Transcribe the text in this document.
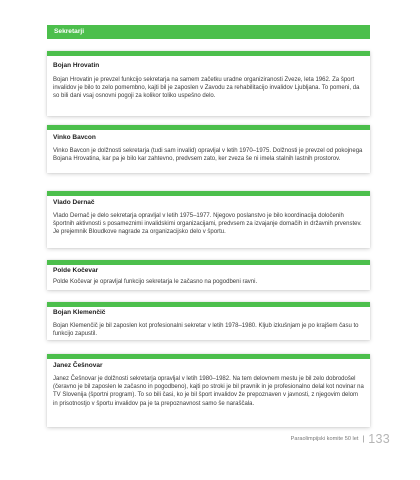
Sekretarji
Bojan Hrovatin
Bojan Hrovatin je prevzel funkcijo sekretarja na samem začetku uradne organiziranosti Zveze, leta 1962. Za šport invalidov je bilo to zelo pomembno, kajti bil je zaposlen v Zavodu za rehabilitacijo invalidov Ljubljana. To pomeni, da so bili dani vsaj osnovni pogoji za kolikor toliko uspešno delo.
Vinko Bavcon
Vinko Bavcon je dolžnosti sekretarja (tudi sam invalid) opravljal v letih 1970–1975. Dolžnosti je prevzel od pokojnega Bojana Hrovatina, kar pa je bilo kar zahtevno, predvsem zato, ker zveza še ni imela stalnih lastnih prostorov.
Vlado Dernač
Vlado Dernač je delo sekretarja opravljal v letih 1975–1977. Njegovo poslanstvo je bilo koordinacija določenih športnih aktivnosti s posameznimi invalidskimi organizacijami, predvsem za izvajanje domačih in državnih prvenstev. Je prejemnik Bloudkove nagrade za organizacijsko delo v športu.
Polde Kočevar
Polde Kočevar je opravljal funkcijo sekretarja le začasno na pogodbeni ravni.
Bojan Klemenčič
Bojan Klemenčič je bil zaposlen kot profesionalni sekretar v letih 1978–1980. Kljub izkušnjam je po krajšem času to funkcijo zapustil.
Janez Češnovar
Janez Češnovar je dolžnosti sekretarja opravljal v letih 1980–1982. Na tem delovnem mestu je bil zelo dobrodošel (čeravno je bil zaposlen le začasno in pogodbeno), kajti po stroki je bil pravnik in je profesionalno delal kot novinar na TV Slovenija (športni program). To so bili časi, ko je bil šport invalidov že prepoznaven v javnosti, z njegovim delom in prisotnostjo v športu invalidov pa je ta prepoznavnost samo še naraščala.
Paraolimpijski komite 50 let | 133
